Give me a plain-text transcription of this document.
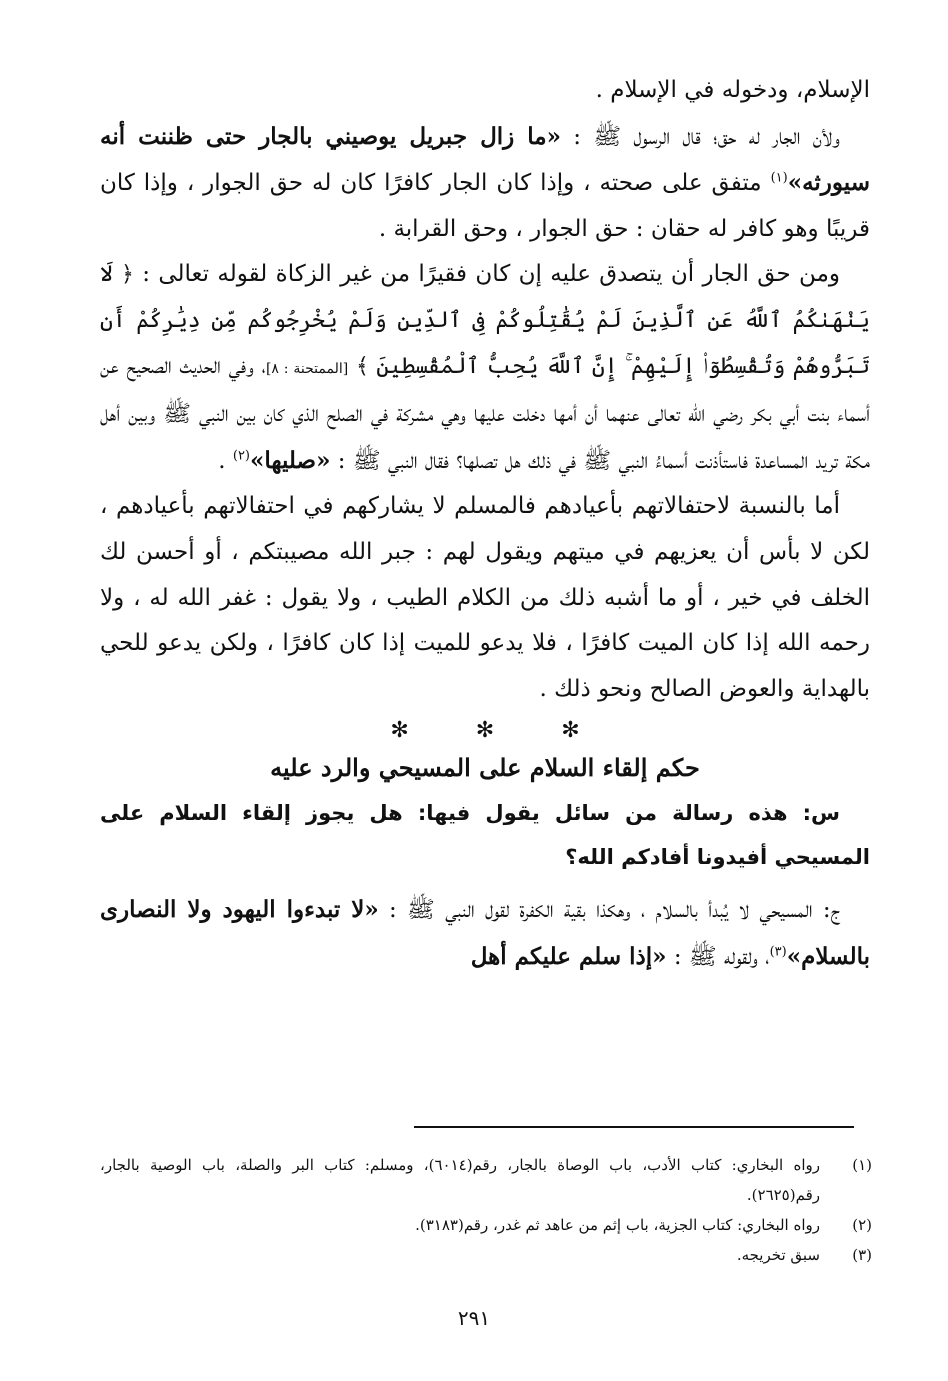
الإسلام، ودخوله في الإسلام .

ولأن الجار له حق؛ قال الرسول ﷺ : «ما زال جبريل يوصيني بالجار حتى ظننت أنه سيورثه»$^{(١)}$ متفق على صحته ، وإذا كان الجار كافرًا كان له حق الجوار ، وإذا كان قريبًا وهو كافر له حقان : حق الجوار ، وحق القرابة .

ومن حق الجار أن يتصدق عليه إن كان فقيرًا من غير الزكاة لقوله تعالى : ﴿ لَا يَنْهَىٰكُمُ ٱللَّهُ عَنِ ٱلَّذِينَ لَمْ يُقَٰتِلُوكُمْ فِى ٱلدِّينِ وَلَمْ يُخْرِجُوكُم مِّن دِيَٰرِكُمْ أَن تَبَرُّوهُمْ وَتُقْسِطُوٓا۟ إِلَيْهِمْ ۚ إِنَّ ٱللَّهَ يُحِبُّ ٱلْمُقْسِطِينَ ﴾ [الممتحنة : ٨]، وفي الحديث الصحيح عن أسماء بنت أبي بكر رضي الله تعالى عنهما أن أمها دخلت عليها وهي مشركة في الصلح الذي كان بين النبي ﷺ وبين أهل مكة تريد المساعدة فاستأذنت أسماءُ النبي ﷺ في ذلك هل تصلها؟ فقال النبي ﷺ : «صليها»$^{(٢)}$ .

أما بالنسبة لاحتفالاتهم بأعيادهم فالمسلم لا يشاركهم في احتفالاتهم بأعيادهم ، لكن لا بأس أن يعزيهم في ميتهم ويقول لهم : جبر الله مصيبتكم ، أو أحسن لك الخلف في خير ، أو ما أشبه ذلك من الكلام الطيب ، ولا يقول : غفر الله له ، ولا رحمه الله إذا كان الميت كافرًا ، فلا يدعو للميت إذا كان كافرًا ، ولكن يدعو للحي بالهداية والعوض الصالح ونحو ذلك .

✻ ✻ ✻
حكم إلقاء السلام على المسيحي والرد عليه

س: هذه رسالة من سائل يقول فيها: هل يجوز إلقاء السلام على المسيحي أفيدونا أفادكم الله؟

ج: المسيحي لا يُبدأ بالسلام ، وهكذا بقية الكفرة لقول النبي ﷺ : «لا تبدءوا اليهود ولا النصارى بالسلام»$^{(٣)}$، ولقوله ﷺ : «إذا سلم عليكم أهل

(١)
رواه البخاري: كتاب الأدب، باب الوصاة بالجار، رقم(٦٠١٤)، ومسلم: كتاب البر والصلة، باب الوصية بالجار، رقم(٢٦٢٥).
(٢)
رواه البخاري: كتاب الجزية، باب إثم من عاهد ثم غدر، رقم(٣١٨٣).
(٣)
سبق تخريجه.
٢٩١
